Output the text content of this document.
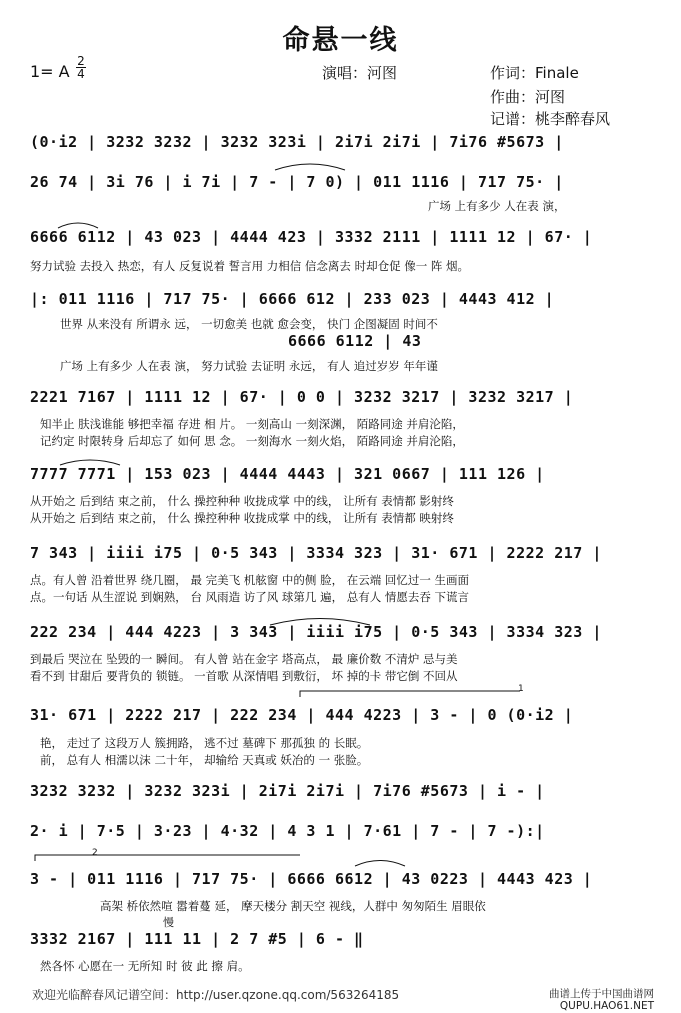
命悬一线
1= A
2
4	演唱：河图	作词：Finale
作曲：河图
记谱：桃李醉春风
(0·i2 | 3232 3232 | 3232 323i | 2i7i 2i7i | 7i76 #5673 |
26 74 | 3i 76 | i 7i | 7 - | 7 0) | 011 1116 | 717 75· |
广场 上有多少 人在表 演，
6666 6112 | 43 023 | 4444 423 | 3332 2111 | 1111 12 | 67· |
努力试验 去投入 热恋，有人 反复说着 誓言用 力相信 信念离去 时却仓促 像一 阵 烟。
|: 011 1116 | 717 75· | 6666 612 | 233 023 | 4443 412 |
世界 从来没有 所谓永 远， 一切愈美 也就 愈会变， 快门 企图凝固 时间不
6666 6112 | 43
广场 上有多少 人在表 演， 努力试验 去证明 永远， 有人 追过岁岁 年年谨
2221 7167 | 1111 12 | 67· | 0 0 | 3232 3217 | 3232 3217 |
知半止 肤浅谁能 够把幸福 存进 相 片。 一刻高山 一刻深渊， 陌路同途 并肩沦陷，
记约定 时限转身 后却忘了 如何 思 念。 一刻海水 一刻火焰， 陌路同途 并肩沦陷，
7777 7771 | 153 023 | 4444 4443 | 321 0667 | 111 126 |
从开始之 后到结 束之前， 什么 操控种种 收拢成掌 中的线， 让所有 表情都 影射终
从开始之 后到结 束之前， 什么 操控种种 收拢成掌 中的线， 让所有 表情都 映射终
7 343 | iiii i75 | 0·5 343 | 3334 323 | 31· 671 | 2222 217 |
点。有人曾 沿着世界 绕几圈， 最 完美飞 机舷窗 中的侧 脸， 在云端 回忆过一 生画面
点。一句话 从生涩说 到娴熟， 台 风雨造 访了风 球第几 遍， 总有人 情愿去吞 下谎言
222 234 | 444 4223 | 3 343 | iiii i75 | 0·5 343 | 3334 323 |
到最后 哭泣在 坠毁的一 瞬间。 有人曾 站在金字 塔高点， 最 廉价数 不清炉 忌与美
看不到 甘甜后 要背负的 锁链。 一首歌 从深情唱 到敷衍， 坏 掉的卡 带它倒 不回从
31· 671 | 2222 217 | 222 234 | 444 4223 | 3 - | 0 (0·i2 |
艳， 走过了 这段万人 簇拥路， 逃不过 墓碑下 那孤独 的 长眠。
前， 总有人 相濡以沫 二十年， 却输给 天真或 妖冶的 一 张脸。
3232 3232 | 3232 323i | 2i7i 2i7i | 7i76 #5673 | i - |
2· i | 7·5 | 3·23 | 4·32 | 4 3 1 | 7·61 | 7 - | 7 -):|
3 - | 011 1116 | 717 75· | 6666 6612 | 43 0223 | 4443 423 |
高架 桥依然喧 嚣着蔓 延， 摩天楼分 割天空 视线，人群中 匆匆陌生 眉眼依
慢
3332 2167 | 111 11 | 2 7 #5 | 6 - ‖
然各怀 心愿在一 无所知 时 彼 此 擦 肩。
1
2
欢迎光临醉春风记谱空间：http://user.qzone.qq.com/563264185	曲谱上传于中国曲谱网
QUPU.HAO61.NET
